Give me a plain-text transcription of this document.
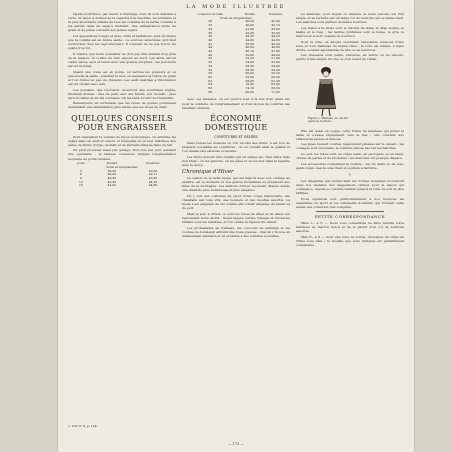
LA MODE ILLUSTRÉE

rapide nourriture, par élever à l'herbage, dont ils sont destinés à vivre, de façon à donner de la capacité à la machine. La première et la plus abondante variété de tous les volatiles de la ferme consiste à les garder dans un espace restreint. Une alimentation mixte de grain et de pâtée convient aux jeunes sujets.

Les appendices rouges et gras, crête et barbillons, sont un indice que la volaille est en bonne santé ; ce sont les caractères qu'il faut rechercher chez les reproducteurs. Il convient de ne pas forcer les sujets trop tôt.

Il résulte que notre poulailler ne doit pas être installé trop près de la maison, ni contre un mur exposé au nord. Les abris seront clairs, aérés, secs et tenus avec une grande propreté ; les perchoirs seront mobiles.

Quand une volée est en ponte, on nettoie les pondoirs et on renouvelle la paille ; pendant la mue on augmente la ration de grain et l'on donne un peu de chènevis. Les œufs destinés à l'incubation seront choisis avec soin.

Les poussins, dès l'éclosion, recevront une nourriture légère, finement divisée : mie de pain, œuf dur haché, son mouillé ; plus tard du millet et du blé concassé. On les tient à l'abri de l'humidité.

Remarquons en terminant que les races de poules pondeuses demandent une alimentation plus variée que les races de chair.

QUELQUES CONSEILS POUR ENGRAISSER

Pour engraisser la volaille de façon économique, on enferme les sujets dans un endroit obscur et tranquille et on leur distribue une pâtée de farine d'orge, de maïs et de sarrasin délayée dans du lait.

On peut procéder aussi par gavage, trois fois par jour, pendant une quinzaine ; le tableau ci-dessous indique l'augmentation moyenne du poids obtenue.

Jours	Poulets	Poulettes
Poids en kilogrammes		
3	00,00	40,00
6	40,00	42,11
9	40,60	43,60
12	40,45	44,20
15	42,00	44,80
1. Voir n° 9, p. 144.
Longueur de l'aile	Poulets	Poulettes
Poids en kilogrammes		
30	40,00	42,00
32	40,60	42,10
34	41,80	43,00
36	42,00	43,60
38	43,20	44,20
40	44,00	44,80
42	45,60	46,00
44	46,00	46,60
46	48,10	47,80
48	50,00	49,00
50	52,20	51,40
52	54,00	52,60
54	56,00	54,00
56	58,40	56,00
58	60,00	58,20
60	63,00	60,00
62	66,60	62,40
64	70,00	65,00
66	74,10	68,00
68	80,00	71,00

Avec ces tableaux, on est pourvu tout à la fois d'un guide sûr pour la conduite de l'engraissement et d'un moyen de contrôle des résultats obtenus.

ÉCONOMIE DOMESTIQUE
CONFITURES ET GELÉES

Dans toutes les maisons où l'on récolte des fruits, il est bon de préparer soi-même les confitures ; on en connaît ainsi la qualité et l'on réalise une sérieuse économie.

Les fruits doivent être cueillis par un temps sec, bien mûrs mais non blets ; on les épluche, on les pèse et on les met dans la bassine avec le sucre.

Chronique d'Hiver

La saison de la belle neige, qui est déjà là avec son cortège de plaisirs, est le moment où nos jeunes mondaines se préparent aux fêtes de la montagne. Les stations d'hiver reçoivent chaque année une clientèle plus nombreuse et plus élégante.

On y voit des costumes de sport d'une coupe impeccable, des chandails aux tons vifs, des bonnets et des moufles assortis. La mode s'est emparée du ski comme elle s'était emparée du tennis et du golf.

Mais le soir, à l'hôtel, ce sont les robes de dîner et de danse qui reprennent leurs droits : tissus légers, perles, franges et broderies brillent sous les lumières, et l'on oublie la rigueur du climat.

Les promenades en traîneau, les concours de patinage et les courses de bobsleigh attirent une foule joyeuse ; chacun y trouve un délassement salutaire et un prétexte à des toilettes nouvelles.

Le manteau, pour lequel on emploie ce beau velours, est très ample, et se termine par un large col de fourrure qui se ferme haut. Les manches sont garnies de même fourrure.

Les tissus à la mode sont le velours de laine, le drap souple, le kasha et le reps ; les teintes préférées sont le beige, le gris, le marron et le noir, relevés de fourrure.

Pour la ville, on adopte volontiers l'ensemble composé d'une robe et d'un manteau du même tissu ; la robe est simple, à ligne droite, souvent agrémentée de plis ou de nervures.

Les chapeaux sont petits, enfoncés, en feutre ou en velours, garnis d'une simple broche ou d'un nœud de ruban.

Figure 1. Manteau de velours garni de fourrure.

Elle est aussi en vogue, cette forme de manteau qui prend la taille et s'évase légèrement vers le bas ; elle convient aux silhouettes jeunes et minces.

Les jupes restent courtes, légèrement plissées sur le devant ; les corsages sont blousants, la ceinture placée bas sur les hanches.

Le soir, les robes sont en crêpe satin, en georgette ou en lamé, ornées de perles et de broderies ; les manches ont presque disparu.

Les accessoires complètent la toilette : sac de daim ou de soie, gants longs, bas de soie chair et souliers à barrette.

✧

Les élégantes qui recherchent les formes nouvelles trouveront dans nos modèles des suggestions variées pour la saison qui commence, depuis le costume tailleur jusqu'à la robe du soir la plus raffinée.

Nous signalons tout particulièrement à nos lectrices les ensembles de sport et les vêtements d'enfants, qui forment cette année une collection très complète.

PETITE CORRESPONDANCE

Mme L., à V. — Nous vous conseillons de faire teindre votre manteau en marron foncé et de le garnir d'un col de fourrure assortie.

Mlle R., à P. — Pour une robe de soirée, choisissez un crêpe de Chine rose pâle ; le modèle que vous indiquez est parfaitement convenable.

— 173 —
